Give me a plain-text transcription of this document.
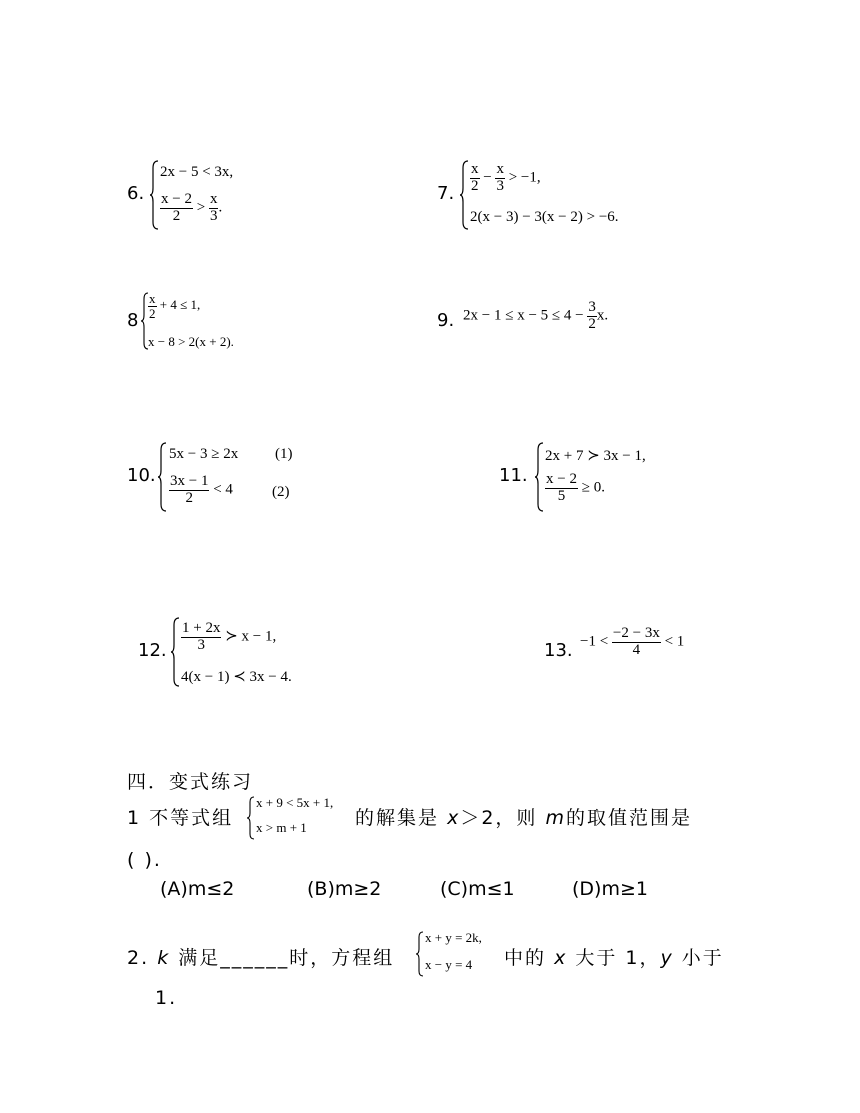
6.
2x − 5 < 3x,
$\frac{x - 2}{2} > \frac{x}{3}$ .
7. $\frac{x}{2} - \frac{x}{3} > -1$,
2(x − 3) − 3(x − 2) > −6.
8
$\frac{x}{2} + 4 \le 1$,
x − 8 > 2(x + 2).
9. $2x - 1 \le x - 5 \le 4 - \frac{3}{2} x$.
10.
5x − 3 ≥ 2x (1)
$\frac{3x - 1}{2} < 4$	(2)
11.
2x + 7 ≻ 3x − 1,
$\frac{x - 2}{5} \ge 0$.
12. $\frac{1 + 2x}{3}$ ≻ x − 1,
4(x − 1) ≺ 3x − 4.
13. $-1 < \frac{-2 - 3x}{4} < 1$
四．变式练习
1 不等式组
x + 9 < 5x + 1,
x > m + 1	的解集是 x＞2，则 m的取值范围是
( ).
(A)m≤2	(B)m≥2	(C)m≤1	(D)m≥1
2. k 满足______时，方程组
x + y = 2k,
x − y = 4 中的 x 大于 1，y 小于
1.
